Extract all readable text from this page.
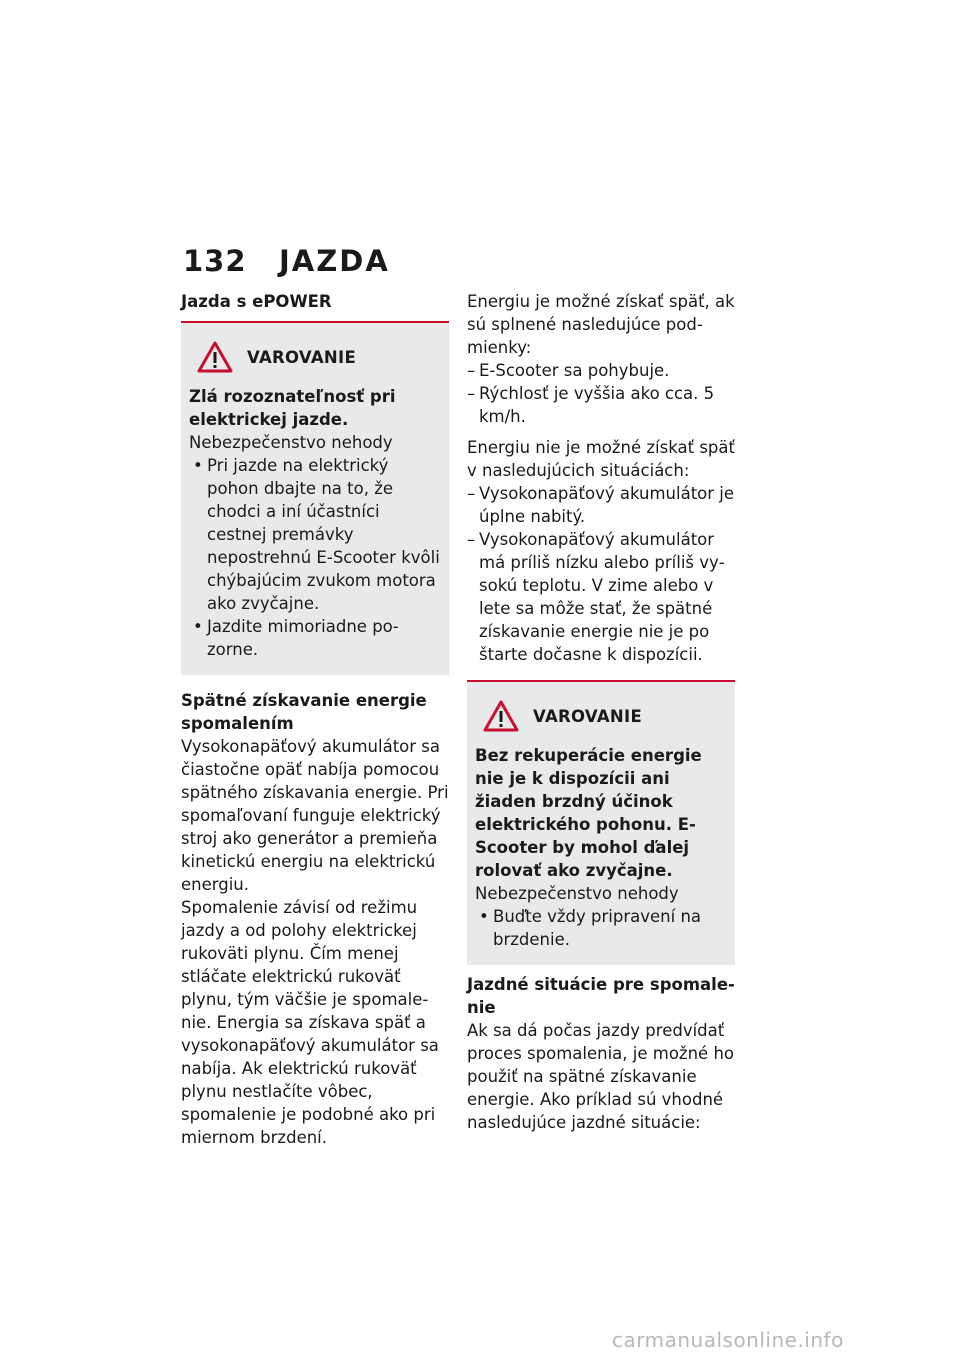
132	JAZDA
Jazda s ePOWER
VAROVANIE
Zlá rozoznateľnosť pri elektrickej jazde.
Nebezpečenstvo nehody
• Pri jazde na elektrický pohon dbajte na to, že chodci a iní účastníci cestnej premávky nepostrehnú E-Scooter kvôli chýbajúcim zvukom motora ako zvyčajne.
• Jazdite mimoriadne pozorne.
Spätné získavanie energie spomalením
Vysokonapäťový akumulátor sa čiastočne opäť nabíja pomocou spätného získavania energie. Pri spomaľovaní funguje elektrický stroj ako generátor a premieňa kinetickú energiu na elektrickú energiu.
Spomalenie závisí od režimu jazdy a od polohy elektrickej rukoväti plynu. Čím menej stláčate elektrickú rukoväť plynu, tým väčšie je spomalenie. Energia sa získava späť a vysokonapäťový akumulátor sa nabíja. Ak elektrickú rukoväť plynu nestlačíte vôbec, spomalenie je podobné ako pri miernom brzdení.
Energiu je možné získať späť, ak sú splnené nasledujúce podmienky:
– E-Scooter sa pohybuje.
– Rýchlosť je vyššia ako cca. 5 km/h.
Energiu nie je možné získať späť v nasledujúcich situáciách:
– Vysokonapäťový akumulátor je úplne nabitý.
– Vysokonapäťový akumulátor má príliš nízku alebo príliš vysokú teplotu. V zime alebo v lete sa môže stať, že spätné získavanie energie nie je po štarte dočasne k dispozícii.
VAROVANIE
Bez rekuperácie energie nie je k dispozícii ani žiaden brzdný účinok elektrického pohonu. E-Scooter by mohol ďalej rolovať ako zvyčajne.
Nebezpečenstvo nehody
• Buďte vždy pripravení na brzdenie.
Jazdné situácie pre spomalenie
Ak sa dá počas jazdy predvídať proces spomalenia, je možné ho použiť na spätné získavanie energie. Ako príklad sú vhodné nasledujúce jazdné situácie:
carmanualsonline.info
